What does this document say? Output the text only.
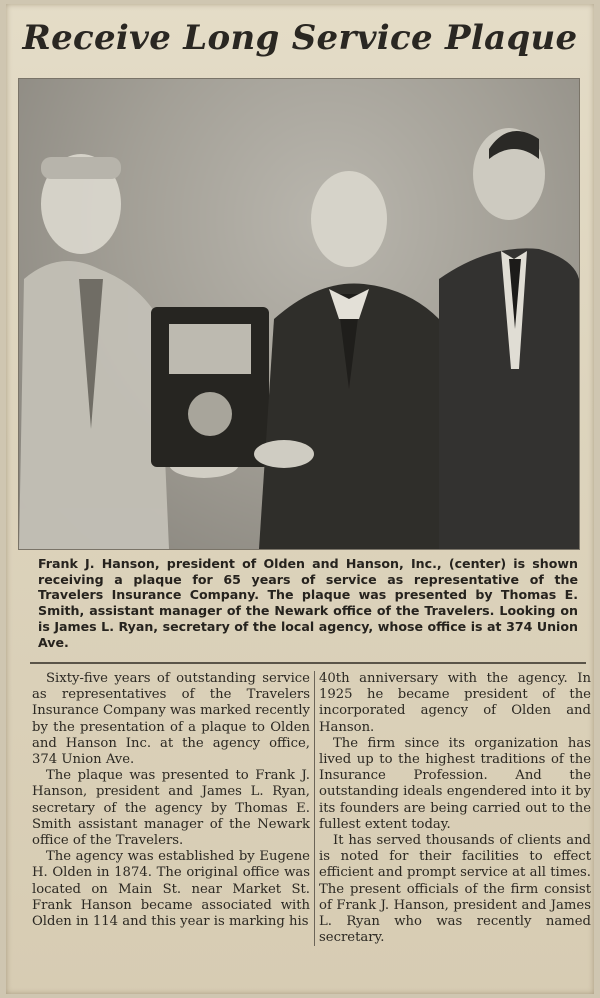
Receive Long Service Plaque
Frank J. Hanson, president of Olden and Hanson, Inc., (center) is shown receiving a plaque for 65 years of service as representative of the Travelers Insurance Company. The plaque was presented by Thomas E. Smith, assistant manager of the Newark office of the Travelers. Looking on is James L. Ryan, secretary of the local agency, whose office is at 374 Union Ave.

Sixty-five years of outstanding service as representatives of the Travelers Insurance Company was marked recently by the presentation of a plaque to Olden and Hanson Inc. at the agency office, 374 Union Ave.

The plaque was presented to Frank J. Hanson, president and James L. Ryan, secretary of the agency by Thomas E. Smith assistant manager of the Newark office of the Travelers.

The agency was established by Eugene H. Olden in 1874. The original office was located on Main St. near Market St. Frank Hanson became associated with Olden in 114 and this year is marking his

40th anniversary with the agency. In 1925 he became president of the incorporated agency of Olden and Hanson.

The firm since its organization has lived up to the highest traditions of the Insurance Profession. And the outstanding ideals engendered into it by its founders are being carried out to the fullest extent today.

It has served thousands of clients and is noted for their facilities to effect efficient and prompt service at all times. The present officials of the firm consist of Frank J. Hanson, president and James L. Ryan who was recently named secretary.
